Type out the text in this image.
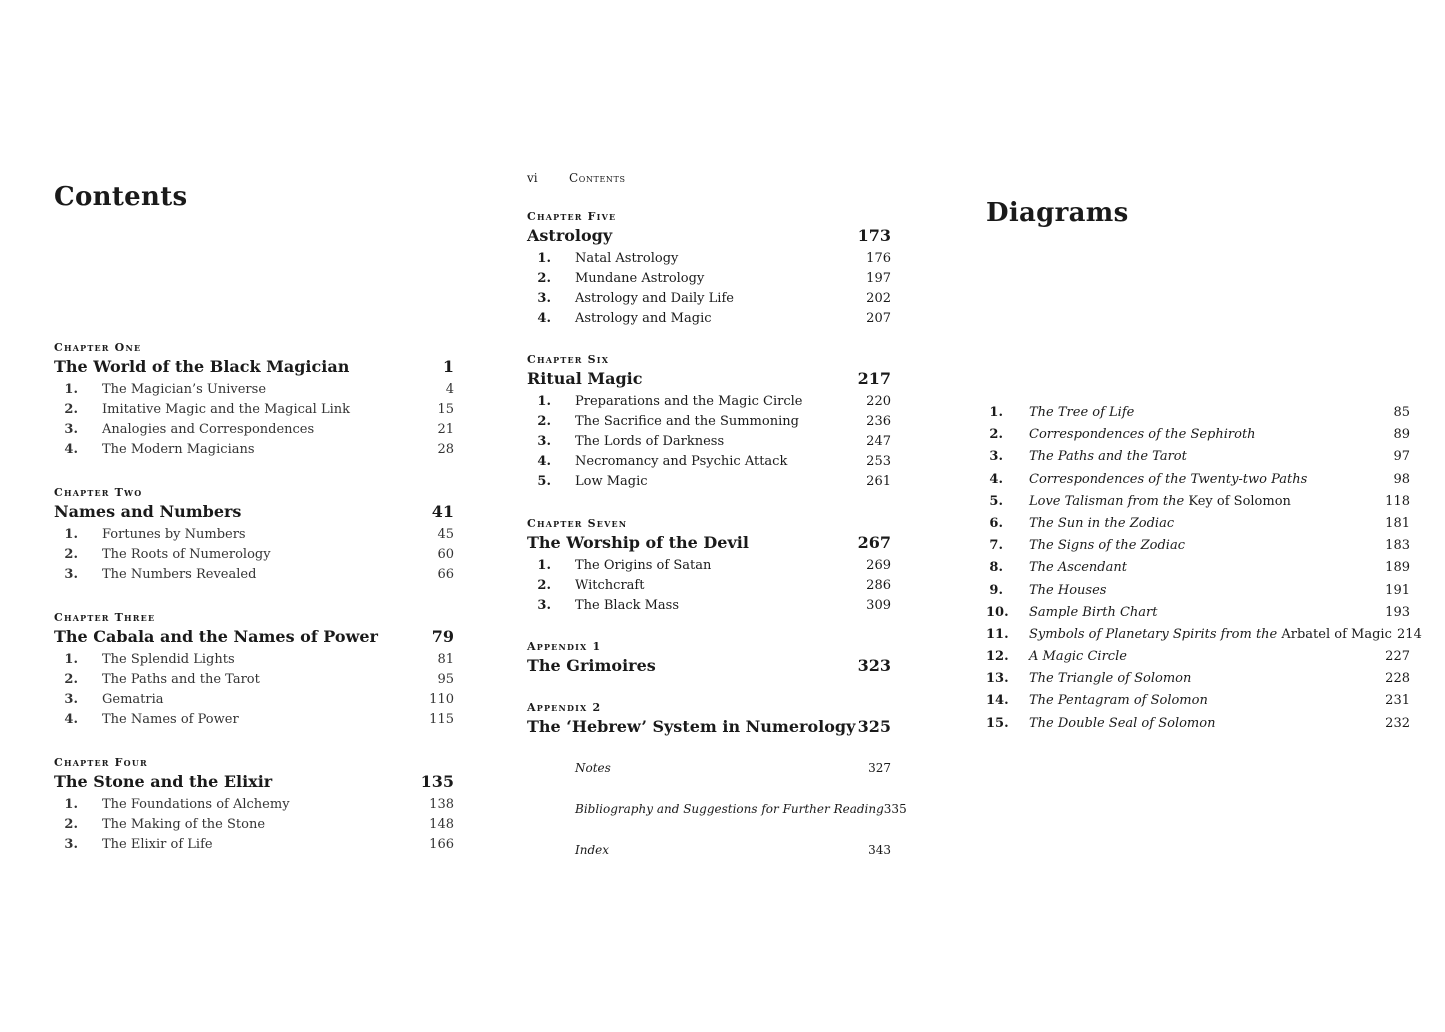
Contents
Chapter One
The World of the Black Magician	1
1.	The Magician’s Universe	4
2.	Imitative Magic and the Magical Link	15
3.	Analogies and Correspondences	21
4.	The Modern Magicians	28
Chapter Two
Names and Numbers	41
1.	Fortunes by Numbers	45
2.	The Roots of Numerology	60
3.	The Numbers Revealed	66
Chapter Three
The Cabala and the Names of Power	79
1.	The Splendid Lights	81
2.	The Paths and the Tarot	95
3.	Gematria	110
4.	The Names of Power	115
Chapter Four
The Stone and the Elixir	135
1.	The Foundations of Alchemy	138
2.	The Making of the Stone	148
3.	The Elixir of Life	166
vi	Contents
Chapter Five
Astrology	173
1.	Natal Astrology	176
2.	Mundane Astrology	197
3.	Astrology and Daily Life	202
4.	Astrology and Magic	207
Chapter Six
Ritual Magic	217
1.	Preparations and the Magic Circle	220
2.	The Sacrifice and the Summoning	236
3.	The Lords of Darkness	247
4.	Necromancy and Psychic Attack	253
5.	Low Magic	261
Chapter Seven
The Worship of the Devil	267
1.	The Origins of Satan	269
2.	Witchcraft	286
3.	The Black Mass	309
Appendix 1
The Grimoires	323
Appendix 2
The ‘Hebrew’ System in Numerology 325
Notes	327
Bibliography and Suggestions for Further Reading 335
Index	343
Diagrams
1.	The Tree of Life	85
2.	Correspondences of the Sephiroth	89
3.	The Paths and the Tarot	97
4.	Correspondences of the Twenty-two Paths	98
5.	Love Talisman from the Key of Solomon	118
6.	The Sun in the Zodiac	181
7.	The Signs of the Zodiac	183
8.	The Ascendant	189
9.	The Houses	191
10.	Sample Birth Chart	193
11.	Symbols of Planetary Spirits from the Arbatel of Magic 214
12.	A Magic Circle	227
13.	The Triangle of Solomon	228
14.	The Pentagram of Solomon	231
15.	The Double Seal of Solomon	232
